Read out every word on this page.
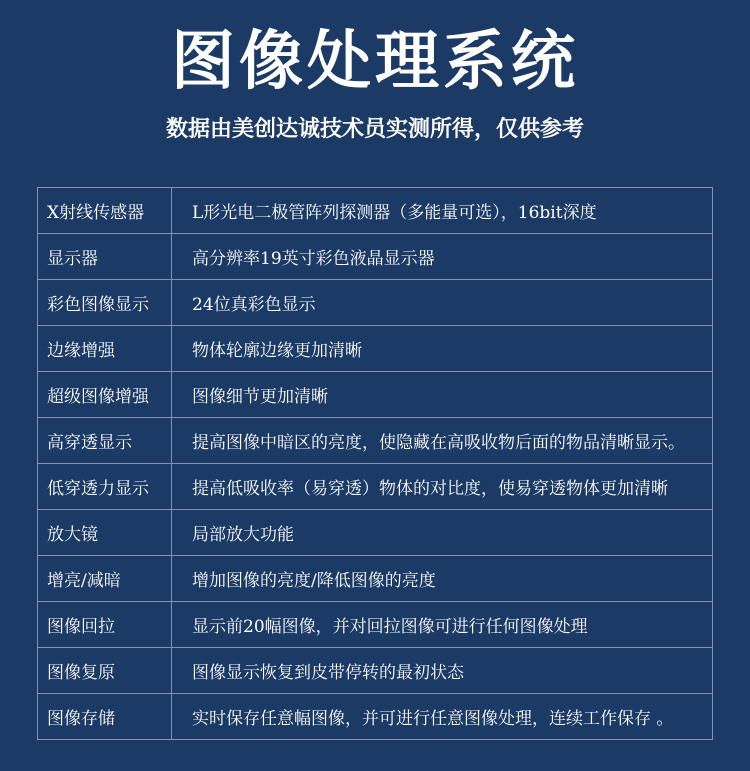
图像处理系统
数据由美创达诚技术员实测所得，仅供参考
X射线传感器	L形光电二极管阵列探测器（多能量可选），16bit深度
显示器	高分辨率19英寸彩色液晶显示器
彩色图像显示	24位真彩色显示
边缘增强	物体轮廓边缘更加清晰
超级图像增强	图像细节更加清晰
高穿透显示	提高图像中暗区的亮度，使隐藏在高吸收物后面的物品清晰显示。
低穿透力显示	提高低吸收率（易穿透）物体的对比度，使易穿透物体更加清晰
放大镜	局部放大功能
增亮/减暗	增加图像的亮度/降低图像的亮度
图像回拉	显示前20幅图像，并对回拉图像可进行任何图像处理
图像复原	图像显示恢复到皮带停转的最初状态
图像存储	实时保存任意幅图像，并可进行任意图像处理，连续工作保存 。
